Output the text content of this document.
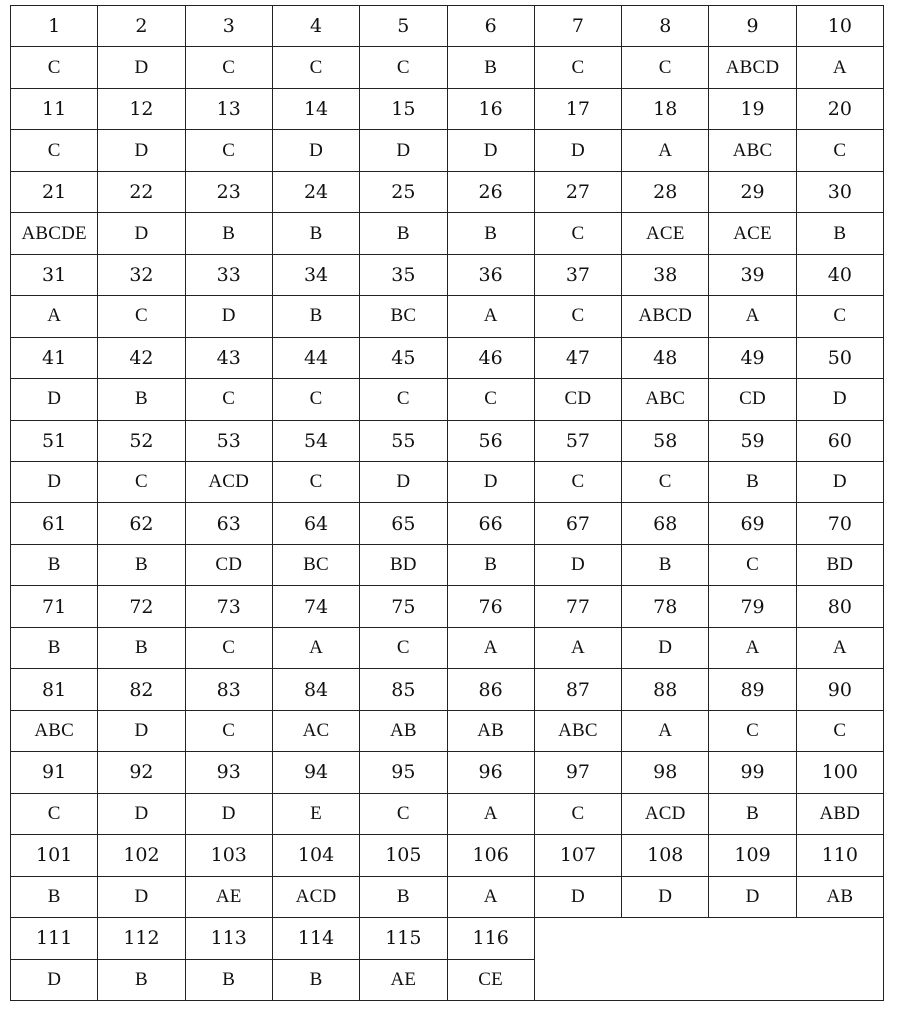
1	2	3	4	5	6	7	8	9	10
C	D	C	C	C	B	C	C	ABCD	A
11	12	13	14	15	16	17	18	19	20
C	D	C	D	D	D	D	A	ABC	C
21	22	23	24	25	26	27	28	29	30
ABCDE	D	B	B	B	B	C	ACE	ACE	B
31	32	33	34	35	36	37	38	39	40
A	C	D	B	BC	A	C	ABCD	A	C
41	42	43	44	45	46	47	48	49	50
D	B	C	C	C	C	CD	ABC	CD	D
51	52	53	54	55	56	57	58	59	60
D	C	ACD	C	D	D	C	C	B	D
61	62	63	64	65	66	67	68	69	70
B	B	CD	BC	BD	B	D	B	C	BD
71	72	73	74	75	76	77	78	79	80
B	B	C	A	C	A	A	D	A	A
81	82	83	84	85	86	87	88	89	90
ABC	D	C	AC	AB	AB	ABC	A	C	C
91	92	93	94	95	96	97	98	99	100
C	D	D	E	C	A	C	ACD	B	ABD
101	102	103	104	105	106	107	108	109	110
B	D	AE	ACD	B	A	D	D	D	AB
111	112	113	114	115	116
D	B	B	B	AE	CE
